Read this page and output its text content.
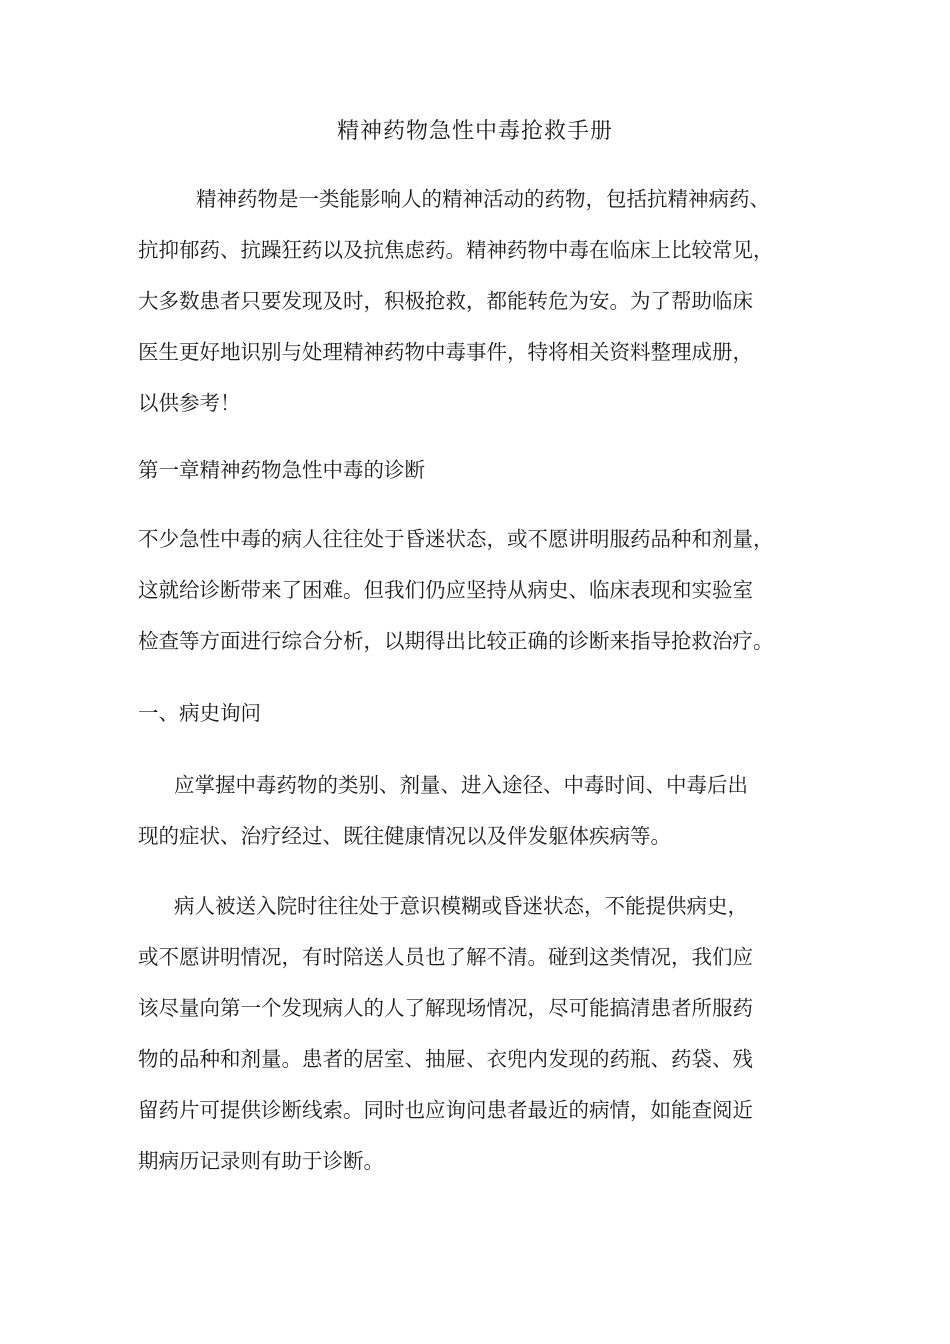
精神药物急性中毒抢救手册
精神药物是一类能影响人的精神活动的药物，包括抗精神病药、
抗抑郁药、抗躁狂药以及抗焦虑药。精神药物中毒在临床上比较常见，
大多数患者只要发现及时，积极抢救，都能转危为安。为了帮助临床
医生更好地识别与处理精神药物中毒事件，特将相关资料整理成册，
以供参考！
第一章精神药物急性中毒的诊断
不少急性中毒的病人往往处于昏迷状态，或不愿讲明服药品种和剂量，
这就给诊断带来了困难。但我们仍应坚持从病史、临床表现和实验室
检查等方面进行综合分析，以期得出比较正确的诊断来指导抢救治疗。
一、病史询问
应掌握中毒药物的类别、剂量、进入途径、中毒时间、中毒后出
现的症状、治疗经过、既往健康情况以及伴发躯体疾病等。
病人被送入院时往往处于意识模糊或昏迷状态，不能提供病史，
或不愿讲明情况，有时陪送人员也了解不清。碰到这类情况，我们应
该尽量向第一个发现病人的人了解现场情况，尽可能搞清患者所服药
物的品种和剂量。患者的居室、抽屉、衣兜内发现的药瓶、药袋、残
留药片可提供诊断线索。同时也应询问患者最近的病情，如能查阅近
期病历记录则有助于诊断。
